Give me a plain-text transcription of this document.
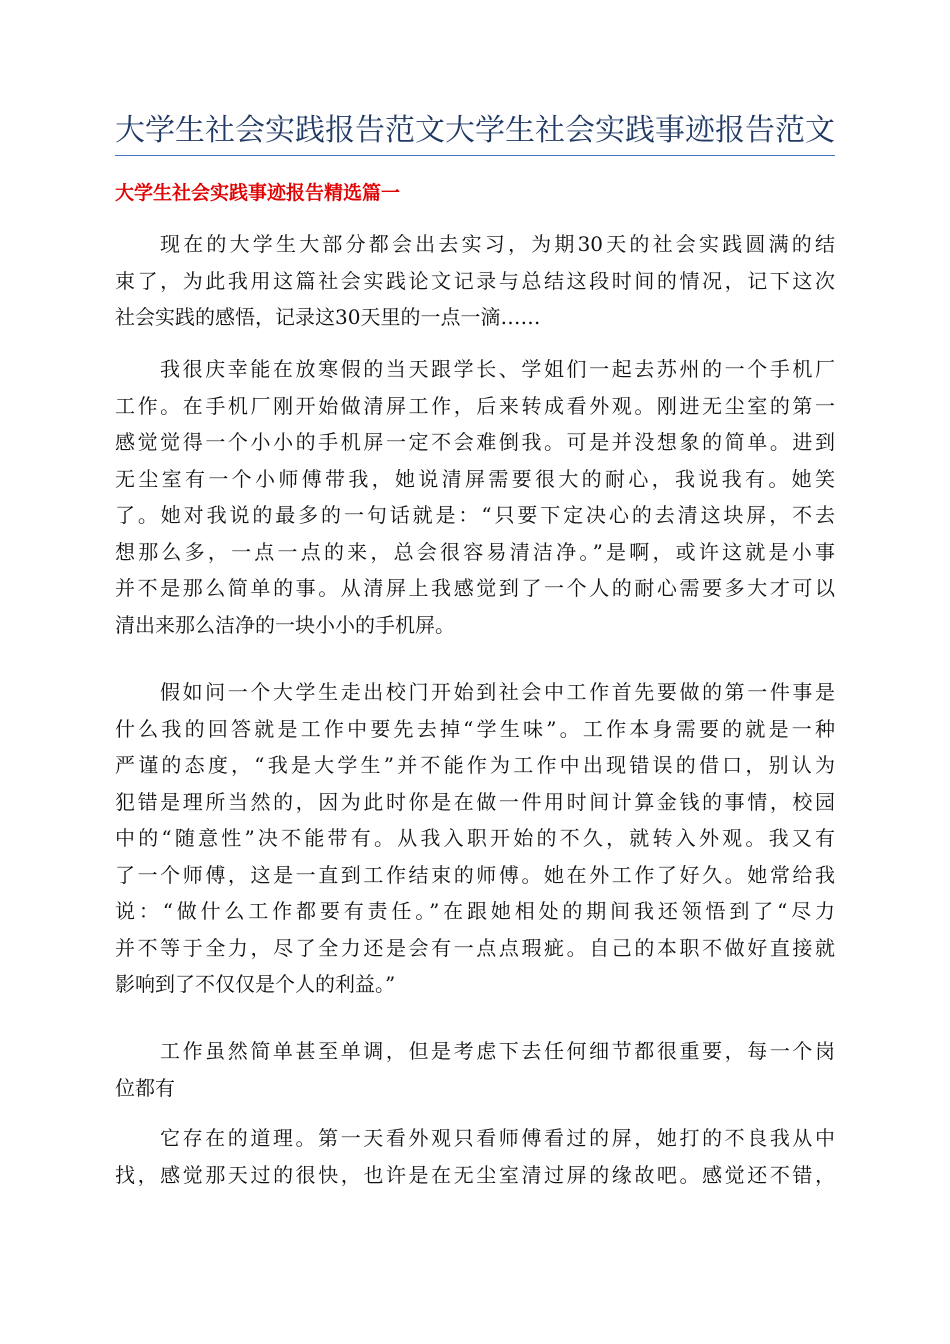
大学生社会实践报告范文大学生社会实践事迹报告范文
大学生社会实践事迹报告精选篇一
现在的大学生大部分都会出去实习，为期30天的社会实践圆满的结
束了，为此我用这篇社会实践论文记录与总结这段时间的情况，记下这次
社会实践的感悟，记录这30天里的一点一滴……
我很庆幸能在放寒假的当天跟学长、学姐们一起去苏州的一个手机厂
工作。在手机厂刚开始做清屏工作，后来转成看外观。刚进无尘室的第一
感觉觉得一个小小的手机屏一定不会难倒我。可是并没想象的简单。进到
无尘室有一个小师傅带我，她说清屏需要很大的耐心，我说我有。她笑
了。她对我说的最多的一句话就是：“只要下定决心的去清这块屏，不去
想那么多，一点一点的来，总会很容易清洁净。”是啊，或许这就是小事
并不是那么简单的事。从清屏上我感觉到了一个人的耐心需要多大才可以
清出来那么洁净的一块小小的手机屏。
假如问一个大学生走出校门开始到社会中工作首先要做的第一件事是
什么我的回答就是工作中要先去掉“学生味”。工作本身需要的就是一种
严谨的态度，“我是大学生”并不能作为工作中出现错误的借口，别认为
犯错是理所当然的，因为此时你是在做一件用时间计算金钱的事情，校园
中的“随意性”决不能带有。从我入职开始的不久，就转入外观。我又有
了一个师傅，这是一直到工作结束的师傅。她在外工作了好久。她常给我
说：“做什么工作都要有责任。”在跟她相处的期间我还领悟到了“尽力
并不等于全力，尽了全力还是会有一点点瑕疵。自己的本职不做好直接就
影响到了不仅仅是个人的利益。”
工作虽然简单甚至单调，但是考虑下去任何细节都很重要，每一个岗
位都有
它存在的道理。第一天看外观只看师傅看过的屏，她打的不良我从中
找，感觉那天过的很快，也许是在无尘室清过屏的缘故吧。感觉还不错，
